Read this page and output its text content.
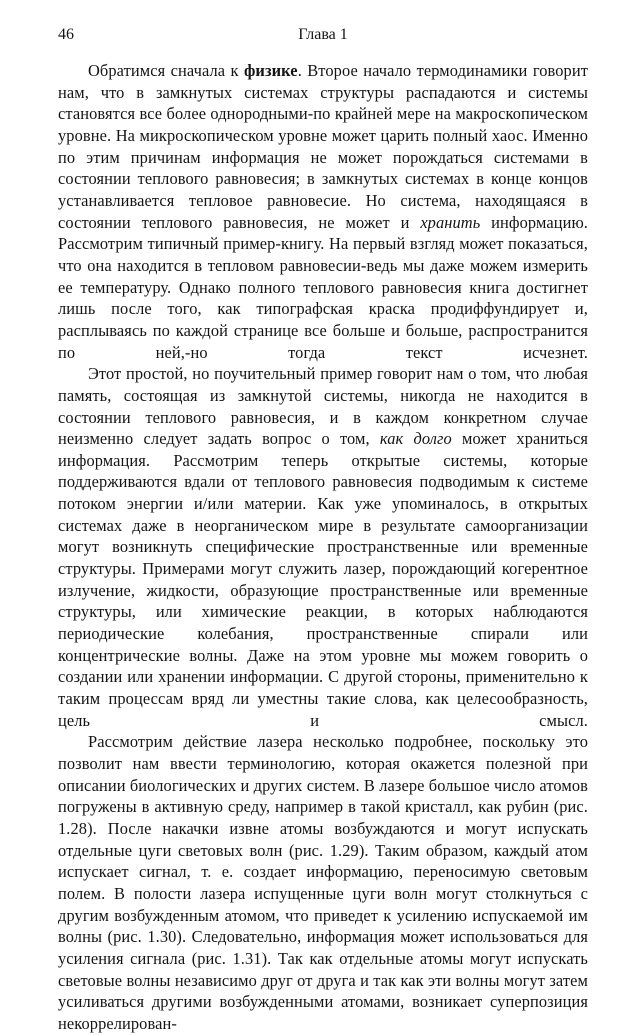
46	Глава 1

Обратимся сначала к физике. Второе начало термодинамики говорит нам, что в замкнутых системах структуры распадаются и системы становятся все более однородными-по крайней мере на макроскопическом уровне. На микроскопическом уровне может царить полный хаос. Именно по этим причинам информация не может порождаться системами в состоянии теплового равновесия; в замкнутых системах в конце концов устанавливается тепловое равновесие. Но система, находящаяся в состоянии теплового равновесия, не может и хранить информацию. Рассмотрим типичный пример-книгу. На первый взгляд может показаться, что она находится в тепловом равновесии-ведь мы даже можем измерить ее температуру. Однако полного теплового равновесия книга достигнет лишь после того, как типографская краска продиффундирует и, расплываясь по каждой странице все больше и больше, распространится по ней,-но тогда текст исчезнет.

Этот простой, но поучительный пример говорит нам о том, что любая память, состоящая из замкнутой системы, никогда не находится в состоянии теплового равновесия, и в каждом конкретном случае неизменно следует задать вопрос о том, как долго может храниться информация. Рассмотрим теперь открытые системы, которые поддерживаются вдали от теплового равновесия подводимым к системе потоком энергии и/или материи. Как уже упоминалось, в открытых системах даже в неорганическом мире в результате самоорганизации могут возникнуть специфические пространственные или временные структуры. Примерами могут служить лазер, порождающий когерентное излучение, жидкости, образующие пространственные или временные структуры, или химические реакции, в которых наблюдаются периодические колебания, пространственные спирали или концентрические волны. Даже на этом уровне мы можем говорить о создании или хранении информации. С другой стороны, применительно к таким процессам вряд ли уместны такие слова, как целесообразность, цель и смысл.

Рассмотрим действие лазера несколько подробнее, поскольку это позволит нам ввести терминологию, которая окажется полезной при описании биологических и других систем. В лазере большое число атомов погружены в активную среду, например в такой кристалл, как рубин (рис. 1.28). После накачки извне атомы возбуждаются и могут испускать отдельные цуги световых волн (рис. 1.29). Таким образом, каждый атом испускает сигнал, т. е. создает информацию, переносимую световым полем. В полости лазера испущенные цуги волн могут столкнуться с другим возбужденным атомом, что приведет к усилению испускаемой им волны (рис. 1.30). Следовательно, информация может использоваться для усиления сигнала (рис. 1.31). Так как отдельные атомы могут испускать световые волны независимо друг от друга и так как эти волны могут затем усиливаться другими возбужденными атомами, возникает суперпозиция некоррелирован-
